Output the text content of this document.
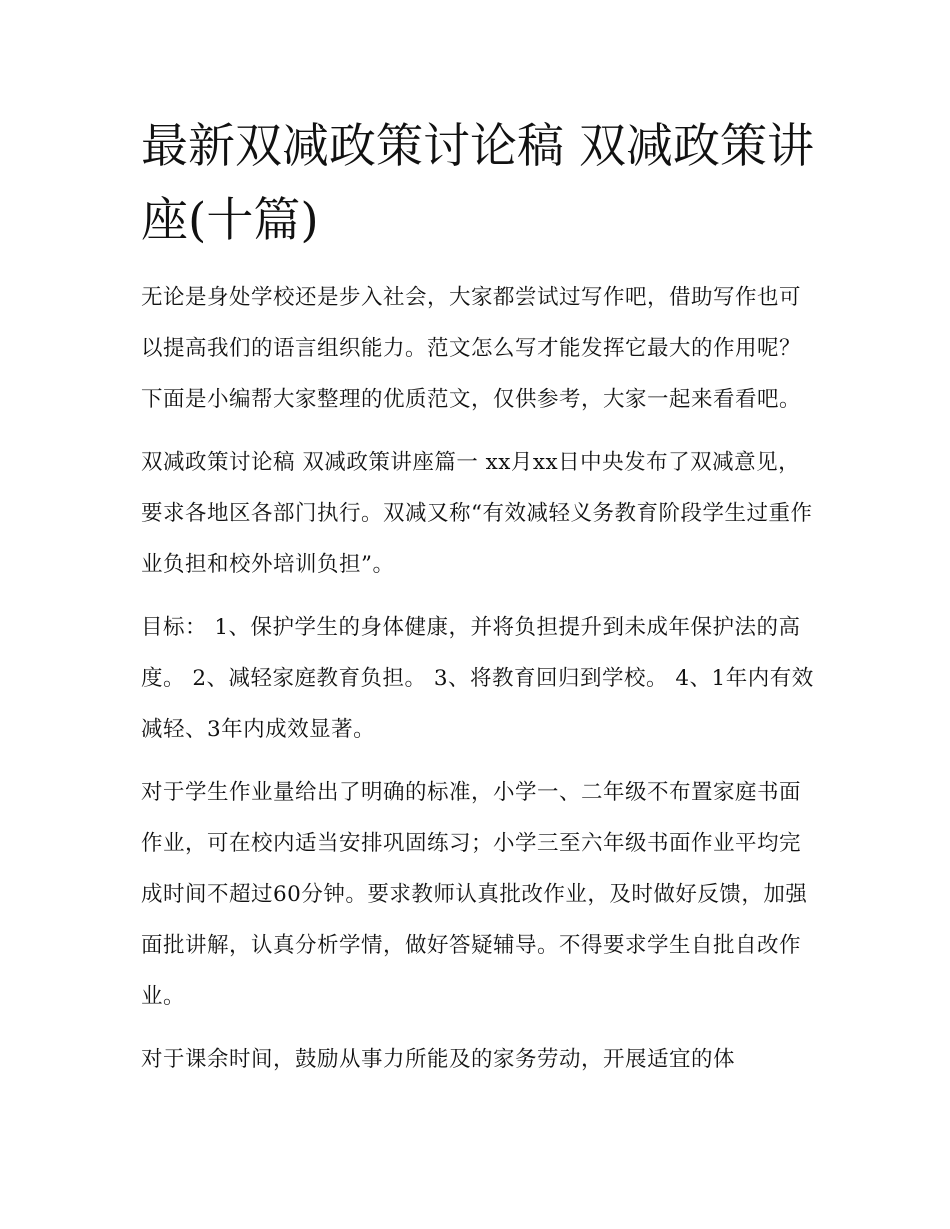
最新双减政策讨论稿 双减政策讲座(十篇)

无论是身处学校还是步入社会，大家都尝试过写作吧，借助写作也可以提高我们的语言组织能力。范文怎么写才能发挥它最大的作用呢？下面是小编帮大家整理的优质范文，仅供参考，大家一起来看看吧。

双减政策讨论稿 双减政策讲座篇一 xx月xx日中央发布了双减意见，要求各地区各部门执行。双减又称“有效减轻义务教育阶段学生过重作业负担和校外培训负担”。

目标： 1、保护学生的身体健康，并将负担提升到未成年保护法的高度。 2、减轻家庭教育负担。 3、将教育回归到学校。 4、1年内有效减轻、3年内成效显著。

对于学生作业量给出了明确的标准，小学一、二年级不布置家庭书面作业，可在校内适当安排巩固练习；小学三至六年级书面作业平均完成时间不超过60分钟。要求教师认真批改作业，及时做好反馈，加强面批讲解，认真分析学情，做好答疑辅导。不得要求学生自批自改作业。

对于课余时间，鼓励从事力所能及的家务劳动，开展适宜的体
